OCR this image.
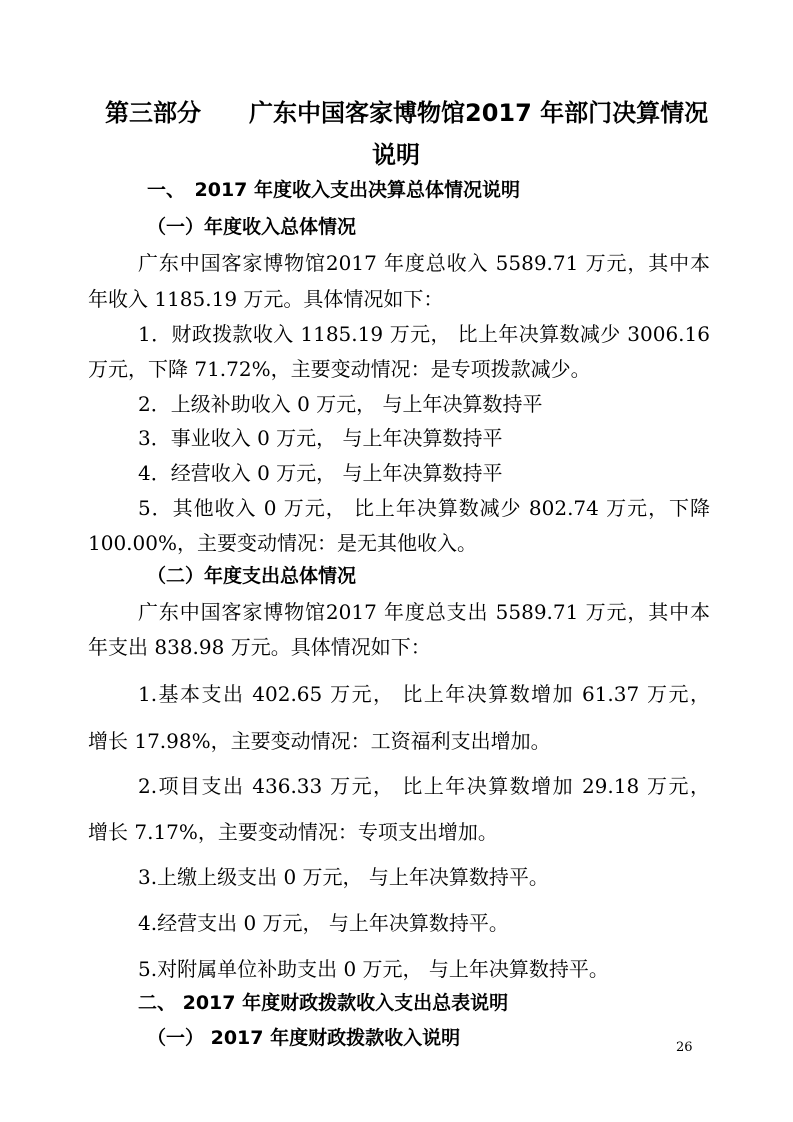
第三部分　　广东中国客家博物馆2017 年部门决算情况
说明
一、　2017 年度收入支出决算总体情况说明
（一）年度收入总体情况
广东中国客家博物馆2017 年度总收入 5589.71 万元，其中本
年收入 1185.19 万元。具体情况如下：
1．财政拨款收入 1185.19 万元， 比上年决算数减少 3006.16
万元，下降 71.72%，主要变动情况：是专项拨款减少。
2．上级补助收入 0 万元， 与上年决算数持平
3．事业收入 0 万元， 与上年决算数持平
4．经营收入 0 万元， 与上年决算数持平
5．其他收入 0 万元， 比上年决算数减少 802.74 万元，下降
100.00%，主要变动情况：是无其他收入。
（二）年度支出总体情况
广东中国客家博物馆2017 年度总支出 5589.71 万元，其中本
年支出 838.98 万元。具体情况如下：
1.基本支出 402.65 万元， 比上年决算数增加 61.37 万元，
增长 17.98%，主要变动情况：工资福利支出增加。
2.项目支出 436.33 万元， 比上年决算数增加 29.18 万元，
增长 7.17%，主要变动情况：专项支出增加。
3.上缴上级支出 0 万元， 与上年决算数持平。
4.经营支出 0 万元， 与上年决算数持平。
5.对附属单位补助支出 0 万元， 与上年决算数持平。
二、 2017 年度财政拨款收入支出总表说明
（一） 2017 年度财政拨款收入说明	26
